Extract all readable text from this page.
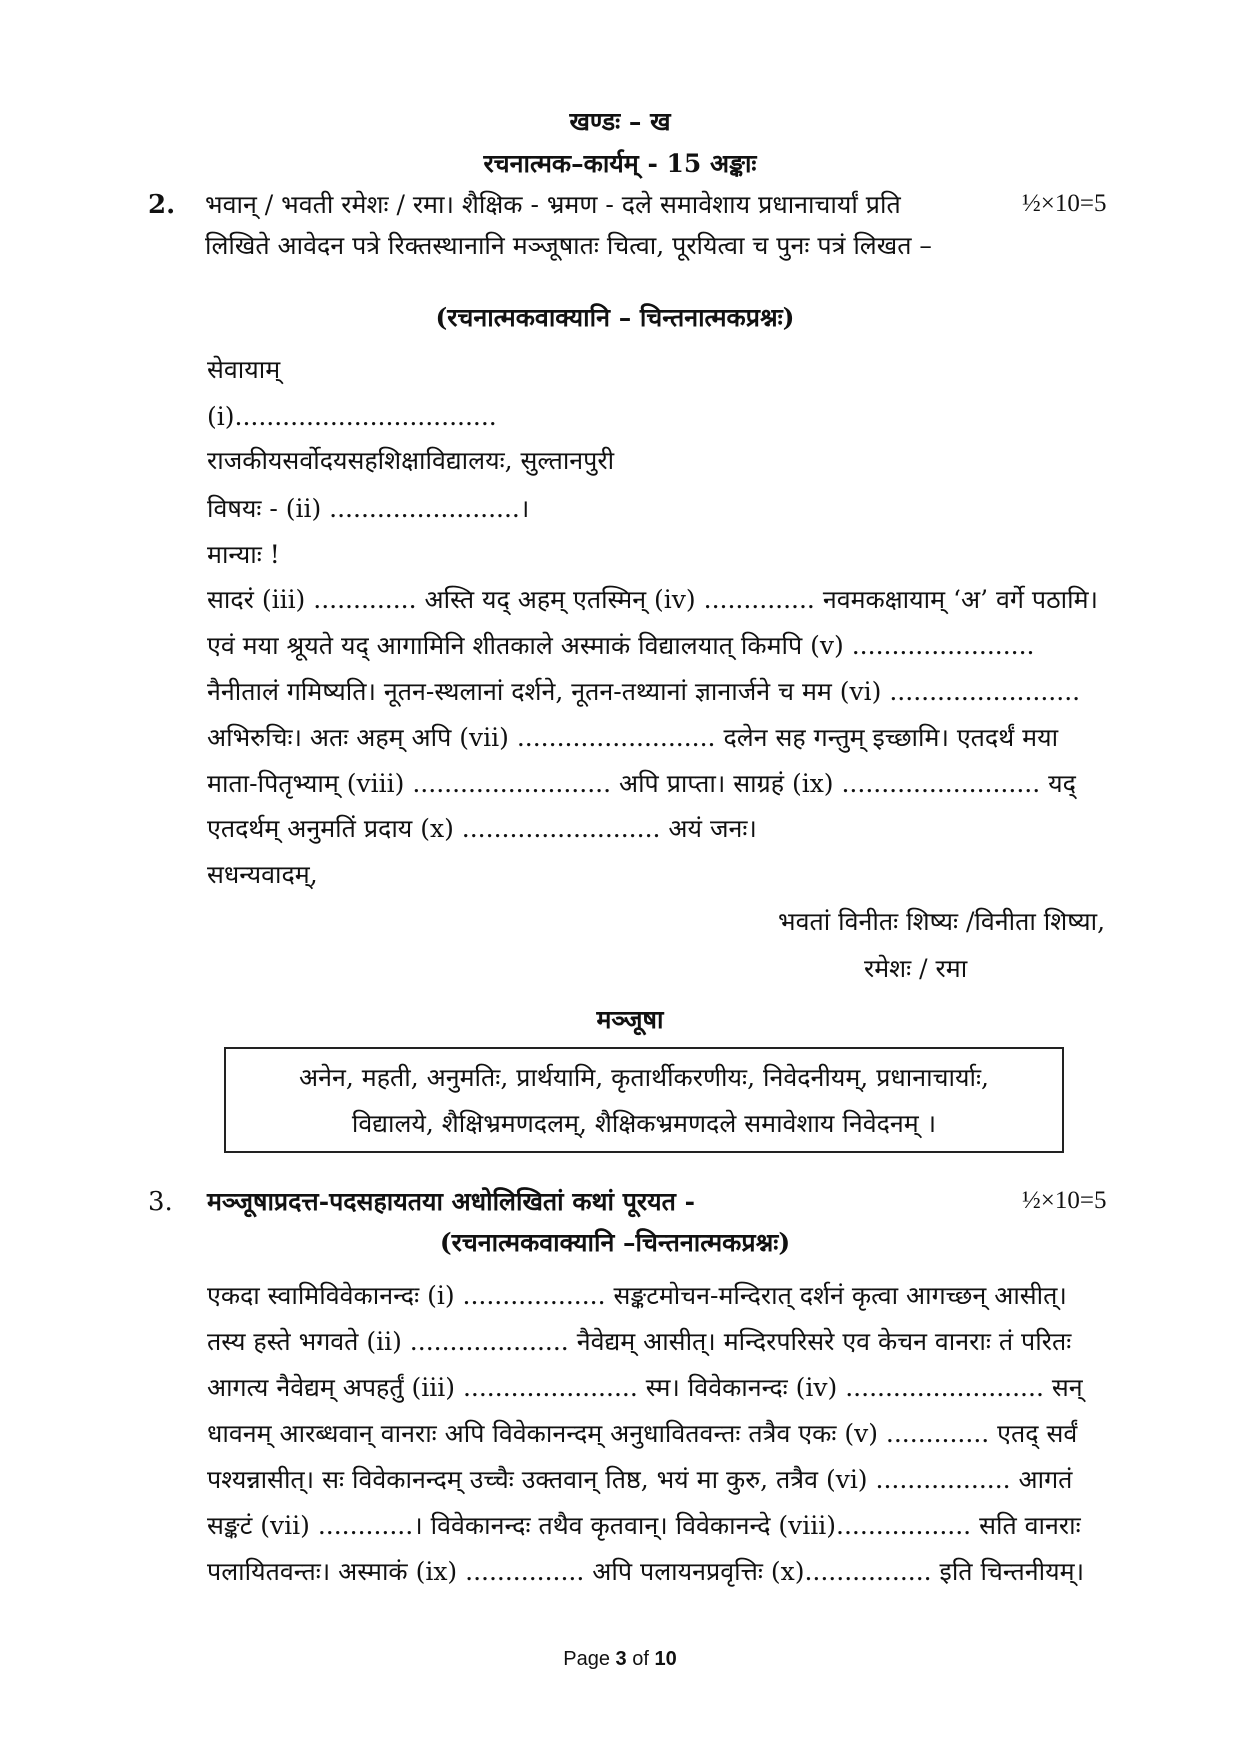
खण्डः – ख
रचनात्मक–कार्यम् - 15 अङ्काः
2. भवान् / भवती रमेशः / रमा। शैक्षिक - भ्रमण - दले समावेशाय प्रधानाचार्यां प्रति	½×10=5
लिखिते आवेदन पत्रे रिक्तस्थानानि मञ्जूषातः चित्वा, पूरयित्वा च पुनः पत्रं लिखत –
(रचनात्मकवाक्यानि – चिन्तनात्मकप्रश्नः)
सेवायाम्
(i).................................
राजकीयसर्वोदयसहशिक्षाविद्यालयः, सुल्तानपुरी
विषयः - (ii) ........................।
मान्याः !
सादरं (iii) ............. अस्ति यद् अहम् एतस्मिन् (iv) .............. नवमकक्षायाम् ‘अ’ वर्गे पठामि।
एवं मया श्रूयते यद् आगामिनि शीतकाले अस्माकं विद्यालयात् किमपि (v) .......................
नैनीतालं गमिष्यति। नूतन-स्थलानां दर्शने, नूतन-तथ्यानां ज्ञानार्जने च मम (vi) ........................
अभिरुचिः। अतः अहम् अपि (vii) ......................... दलेन सह गन्तुम् इच्छामि। एतदर्थं मया
माता-पितृभ्याम् (viii) ......................... अपि प्राप्ता। साग्रहं (ix) ......................... यद्
एतदर्थम् अनुमतिं प्रदाय (x) ......................... अयं जनः।
सधन्यवादम्,
भवतां विनीतः शिष्यः /विनीता शिष्या,
रमेशः / रमा
मञ्जूषा
अनेन, महती, अनुमतिः, प्रार्थयामि, कृतार्थीकरणीयः, निवेदनीयम्, प्रधानाचार्याः,
विद्यालये, शैक्षिभ्रमणदलम्, शैक्षिकभ्रमणदले समावेशाय निवेदनम् ।
3. मञ्जूषाप्रदत्त-पदसहायतया अधोलिखितां कथां पूरयत -	½×10=5
(रचनात्मकवाक्यानि –चिन्तनात्मकप्रश्नः)
एकदा स्वामिविवेकानन्दः (i) .................. सङ्कटमोचन-मन्दिरात् दर्शनं कृत्वा आगच्छन् आसीत्।
तस्य हस्ते भगवते (ii) .................... नैवेद्यम् आसीत्। मन्दिरपरिसरे एव केचन वानराः तं परितः
आगत्य नैवेद्यम् अपहर्तुं (iii) ...................... स्म। विवेकानन्दः (iv) ......................... सन्
धावनम् आरब्धवान् वानराः अपि विवेकानन्दम् अनुधावितवन्तः तत्रैव एकः (v) ............. एतद् सर्वं
पश्यन्नासीत्। सः विवेकानन्दम् उच्चैः उक्तवान् तिष्ठ, भयं मा कुरु, तत्रैव (vi) ................. आगतं
सङ्कटं (vii) ............। विवेकानन्दः तथैव कृतवान्। विवेकानन्दे (viii)................. सति वानराः
पलायितवन्तः। अस्माकं (ix) ............... अपि पलायनप्रवृत्तिः (x)................ इति चिन्तनीयम्।
Page 3 of 10
